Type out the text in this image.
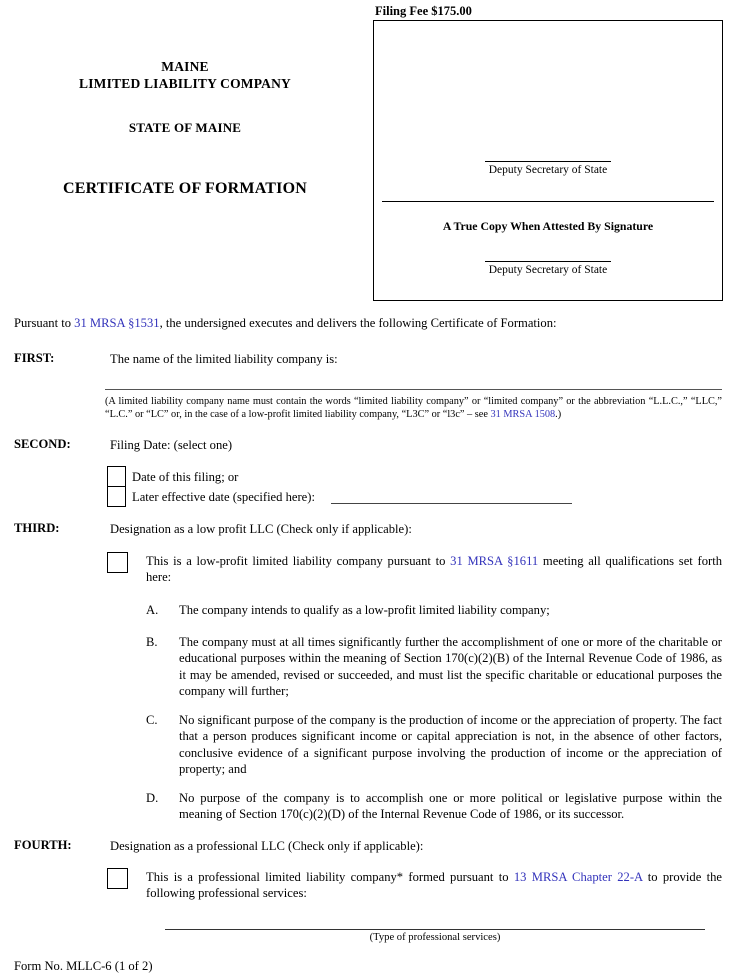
Filing Fee $175.00
Deputy Secretary of State
A True Copy When Attested By Signature
Deputy Secretary of State
MAINE
LIMITED LIABILITY COMPANY
STATE OF MAINE
CERTIFICATE OF FORMATION
Pursuant to 31 MRSA §1531, the undersigned executes and delivers the following Certificate of Formation:
FIRST:	The name of the limited liability company is:
(A limited liability company name must contain the words “limited liability company” or “limited company” or the abbreviation “L.L.C.,” “LLC,” “L.C.” or “LC” or, in the case of a low-profit limited liability company, “L3C” or “l3c” – see 31 MRSA 1508.)
SECOND:	Filing Date: (select one)
Date of this filing; or
Later effective date (specified here):
THIRD:	Designation as a low profit LLC (Check only if applicable):
This is a low-profit limited liability company pursuant to 31 MRSA §1611 meeting all qualifications set forth here:
A.	The company intends to qualify as a low-profit limited liability company;
B.	The company must at all times significantly further the accomplishment of one or more of the charitable or educational purposes within the meaning of Section 170(c)(2)(B) of the Internal Revenue Code of 1986, as it may be amended, revised or succeeded, and must list the specific charitable or educational purposes the company will further;
C.	No significant purpose of the company is the production of income or the appreciation of property. The fact that a person produces significant income or capital appreciation is not, in the absence of other factors, conclusive evidence of a significant purpose involving the production of income or the appreciation of property; and
D.	No purpose of the company is to accomplish one or more political or legislative purpose within the meaning of Section 170(c)(2)(D) of the Internal Revenue Code of 1986, or its successor.
FOURTH:	Designation as a professional LLC (Check only if applicable):
This is a professional limited liability company* formed pursuant to 13 MRSA Chapter 22-A to provide the following professional services:
(Type of professional services)
Form No. MLLC-6 (1 of 2)
